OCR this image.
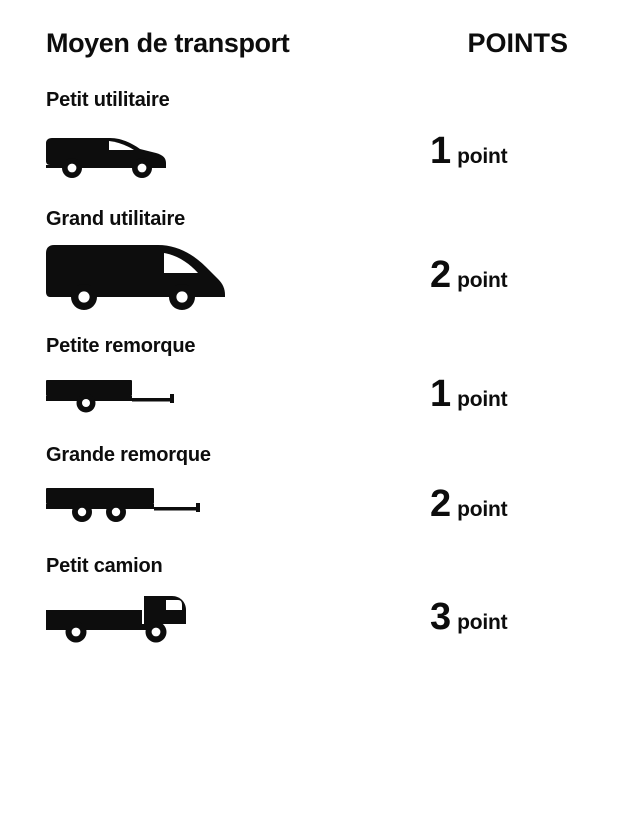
Moyen de transport	POINTS
Petit utilitaire
1 point
Grand utilitaire
2 point
Petite remorque
1 point
Grande remorque
2 point
Petit camion
3 point
